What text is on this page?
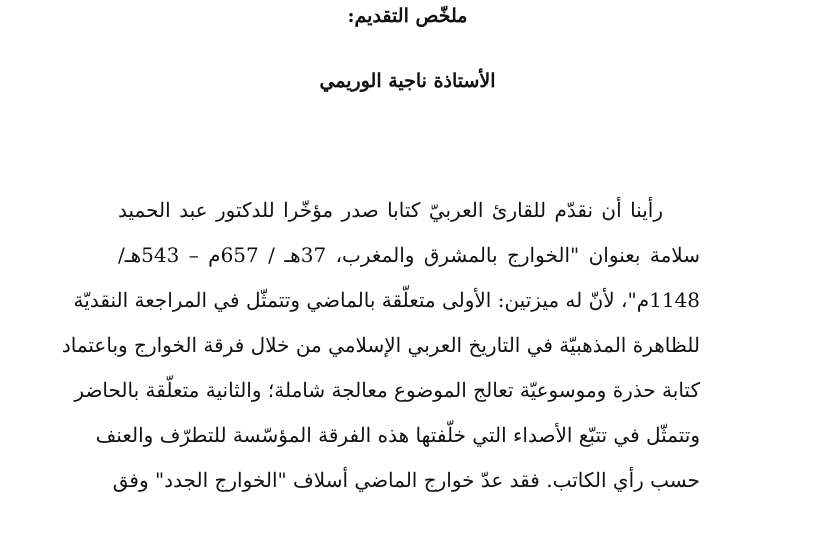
ملخّص التقديم:
الأستاذة ناجية الوريمي
رأينا أن نقدّم للقارئ العربيّ كتابا صدر مؤخّرا للدكتور عبد الحميد
سلامة بعنوان "الخوارج بالمشرق والمغرب، 37هـ / 657م – 543هـ/
1148م"، لأنّ له ميزتين: الأولى متعلّقة بالماضي وتتمثّل في المراجعة النقديّة
للظاهرة المذهبيّة في التاريخ العربي الإسلامي من خلال فرقة الخوارج وباعتماد
كتابة حذرة وموسوعيّة تعالج الموضوع معالجة شاملة؛ والثانية متعلّقة بالحاضر
وتتمثّل في تتبّع الأصداء التي خلّفتها هذه الفرقة المؤسّسة للتطرّف والعنف
حسب رأي الكاتب. فقد عدّ خوارج الماضي أسلاف "الخوارج الجدد" وفق
